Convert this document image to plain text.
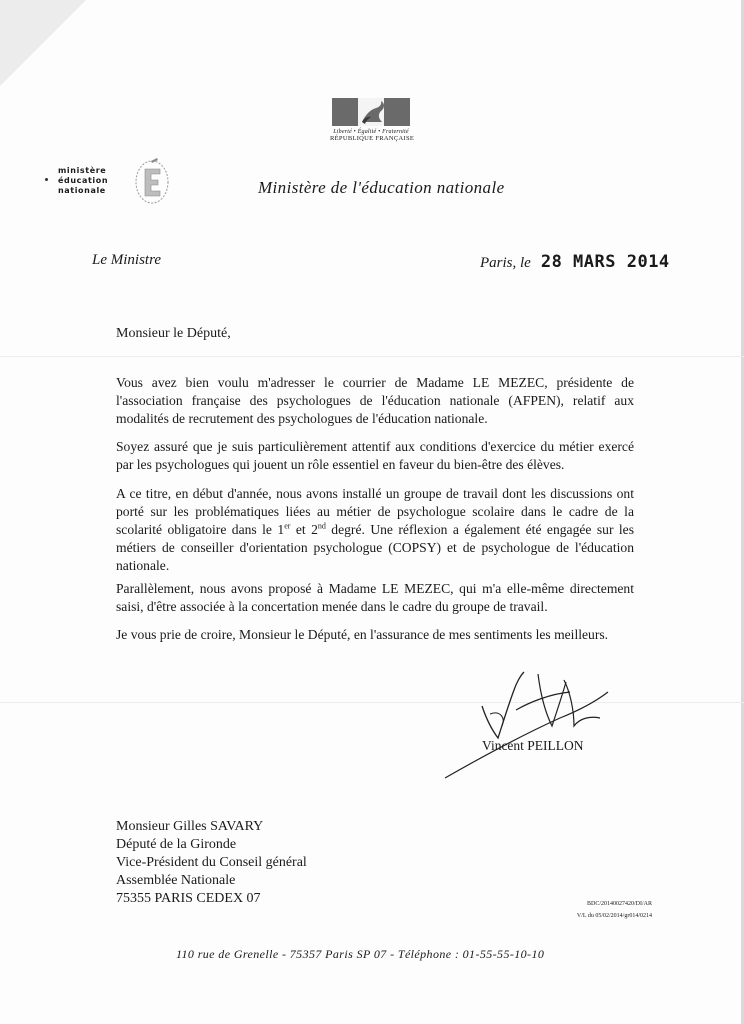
Liberté • Égalité • Fraternité
RÉPUBLIQUE FRANÇAISE
ministère
éducation
nationale	Ministère de l'éducation nationale
Le Ministre	Paris, le 28 MARS 2014
Monsieur le Député,

Vous avez bien voulu m'adresser le courrier de Madame LE MEZEC, présidente de l'association française des psychologues de l'éducation nationale (AFPEN), relatif aux modalités de recrutement des psychologues de l'éducation nationale.

Soyez assuré que je suis particulièrement attentif aux conditions d'exercice du métier exercé par les psychologues qui jouent un rôle essentiel en faveur du bien-être des élèves.

A ce titre, en début d'année, nous avons installé un groupe de travail dont les discussions ont porté sur les problématiques liées au métier de psychologue scolaire dans le cadre de la scolarité obligatoire dans le 1er et 2nd degré. Une réflexion a également été engagée sur les métiers de conseiller d'orientation psychologue (COPSY) et de psychologue de l'éducation nationale.

Parallèlement, nous avons proposé à Madame LE MEZEC, qui m'a elle-même directement saisi, d'être associée à la concertation menée dans le cadre du groupe de travail.

Je vous prie de croire, Monsieur le Député, en l'assurance de mes sentiments les meilleurs.

Vincent PEILLON
Monsieur Gilles SAVARY
Député de la Gironde
Vice-Président du Conseil général
Assemblée Nationale
75355 PARIS CEDEX 07	BDC/20140027420/DI/AR
V/L du 05/02/2014/gr014/0214
110 rue de Grenelle - 75357 Paris SP 07 - Téléphone : 01-55-55-10-10
